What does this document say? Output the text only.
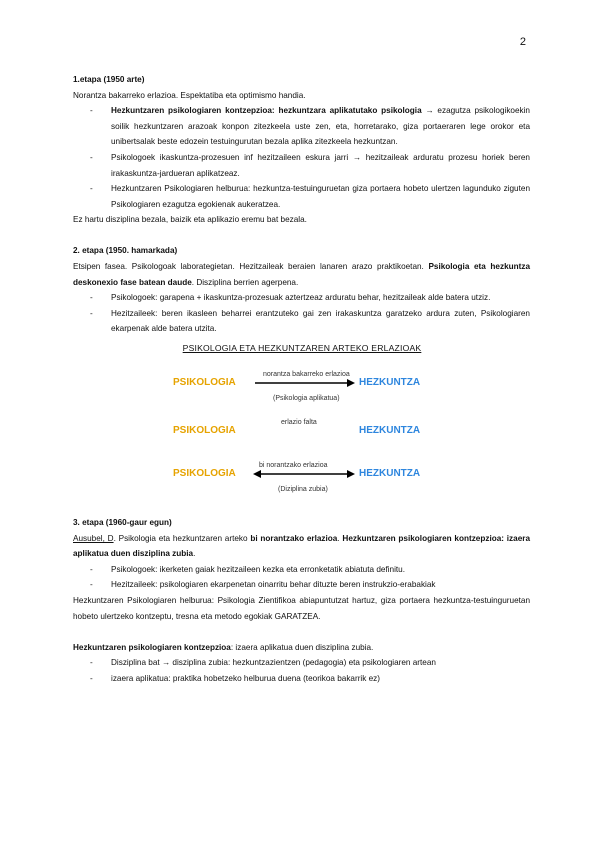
2

1.etapa (1950 arte)

Norantza bakarreko erlazioa. Espektatiba eta optimismo handia.

- Hezkuntzaren psikologiaren kontzepzioa: hezkuntzara aplikatutako psikologia → ezagutza psikologikoekin soilik hezkuntzaren arazoak konpon zitezkeela uste zen, eta, horretarako, giza portaeraren lege orokor eta unibertsalak beste edozein testuingurutan bezala aplika zitezkeela hezkuntzan.
- Psikologoek ikaskuntza-prozesuen inf hezitzaileen eskura jarri → hezitzaileak arduratu prozesu horiek beren irakaskuntza-jardueran aplikatzeaz.
- Hezkuntzaren Psikologiaren helburua: hezkuntza-testuinguruetan giza portaera hobeto ulertzen lagunduko ziguten Psikologiaren ezagutza egokienak aukeratzea.

Ez hartu disziplina bezala, baizik eta aplikazio eremu bat bezala.

2. etapa (1950. hamarkada)

Etsipen fasea. Psikologoak laborategietan. Hezitzaileak beraien lanaren arazo praktikoetan. Psikologia eta hezkuntza deskonexio fase batean daude. Disziplina berrien agerpena.

- Psikologoek: garapena + ikaskuntza-prozesuak aztertzeaz arduratu behar, hezitzaileak alde batera utziz.
- Hezitzaileek: beren ikasleen beharrei erantzuteko gai zen irakaskuntza garatzeko ardura zuten, Psikologiaren ekarpenak alde batera utzita.
PSIKOLOGIA ETA HEZKUNTZAREN ARTEKO ERLAZIOAK
PSIKOLOGIA
norantza bakarreko erlazioa
(Psikologia aplikatua)
HEZKUNTZA
PSIKOLOGIA
erlazio falta
HEZKUNTZA
PSIKOLOGIA
bi norantzako erlazioa
(Diziplina zubia)
HEZKUNTZA

3. etapa (1960-gaur egun)

Ausubel, D. Psikologia eta hezkuntzaren arteko bi norantzako erlazioa. Hezkuntzaren psikologiaren kontzepzioa: izaera aplikatua duen disziplina zubia.

- Psikologoek: ikerketen gaiak hezitzaileen kezka eta erronketatik abiatuta definitu.
- Hezitzaileek: psikologiaren ekarpenetan oinarritu behar dituzte beren instrukzio-erabakiak

Hezkuntzaren Psikologiaren helburua: Psikologia Zientifikoa abiapuntutzat hartuz, giza portaera hezkuntza-testuinguruetan hobeto ulertzeko kontzeptu, tresna eta metodo egokiak GARATZEA.

Hezkuntzaren psikologiaren kontzepzioa: izaera aplikatua duen disziplina zubia.

- Disziplina bat → disziplina zubia: hezkuntzazientzen (pedagogia) eta psikologiaren artean
- izaera aplikatua: praktika hobetzeko helburua duena (teorikoa bakarrik ez)
